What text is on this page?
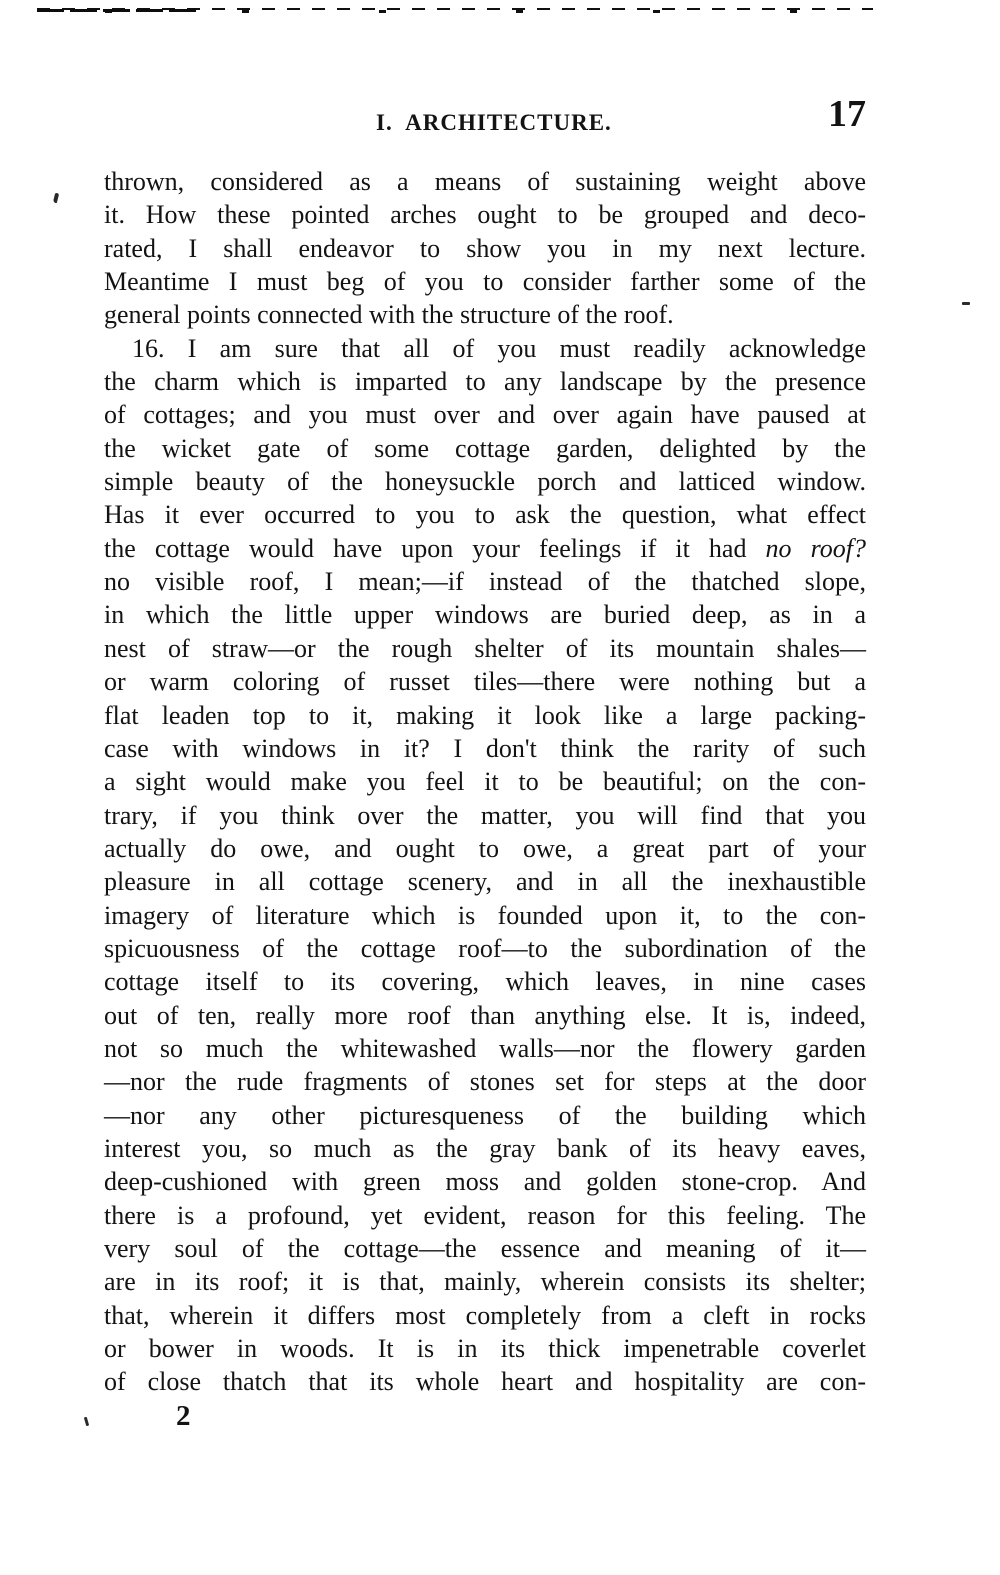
I. ARCHITECTURE.	17
thrown, considered as a means of sustaining weight above
it. How these pointed arches ought to be grouped and deco-
rated, I shall endeavor to show you in my next lecture.
Meantime I must beg of you to consider farther some of the
general points connected with the structure of the roof.
16. I am sure that all of you must readily acknowledge
the charm which is imparted to any landscape by the presence
of cottages; and you must over and over again have paused at
the wicket gate of some cottage garden, delighted by the
simple beauty of the honeysuckle porch and latticed window.
Has it ever occurred to you to ask the question, what effect
the cottage would have upon your feelings if it had no roof?
no visible roof, I mean;—if instead of the thatched slope,
in which the little upper windows are buried deep, as in a
nest of straw—or the rough shelter of its mountain shales—
or warm coloring of russet tiles—there were nothing but a
flat leaden top to it, making it look like a large packing-
case with windows in it? I don't think the rarity of such
a sight would make you feel it to be beautiful; on the con-
trary, if you think over the matter, you will find that you
actually do owe, and ought to owe, a great part of your
pleasure in all cottage scenery, and in all the inexhaustible
imagery of literature which is founded upon it, to the con-
spicuousness of the cottage roof—to the subordination of the
cottage itself to its covering, which leaves, in nine cases
out of ten, really more roof than anything else. It is, indeed,
not so much the whitewashed walls—nor the flowery garden
—nor the rude fragments of stones set for steps at the door
—nor any other picturesqueness of the building which
interest you, so much as the gray bank of its heavy eaves,
deep-cushioned with green moss and golden stone-crop. And
there is a profound, yet evident, reason for this feeling. The
very soul of the cottage—the essence and meaning of it—
are in its roof; it is that, mainly, wherein consists its shelter;
that, wherein it differs most completely from a cleft in rocks
or bower in woods. It is in its thick impenetrable coverlet
of close thatch that its whole heart and hospitality are con-
2
